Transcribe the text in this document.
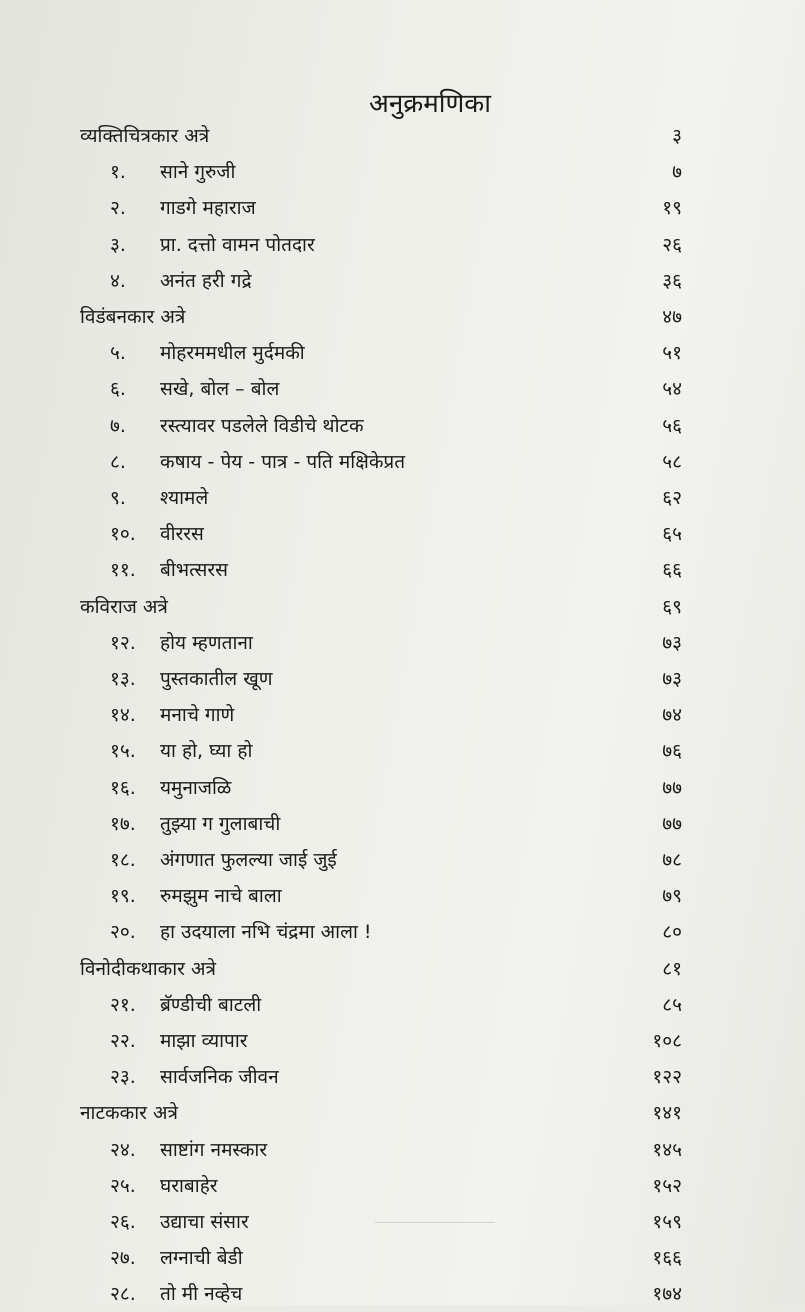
अनुक्रमणिका
व्यक्तिचित्रकार अत्रे	३
१. साने गुरुजी	७
२. गाडगे महाराज	१९
३. प्रा. दत्तो वामन पोतदार	२६
४. अनंत हरी गद्रे	३६
विडंबनकार अत्रे	४७
५. मोहरममधील मुर्दमकी	५१
६. सखे, बोल – बोल	५४
७. रस्त्यावर पडलेले विडीचे थोटक	५६
८. कषाय - पेय - पात्र - पति मक्षिकेप्रत	५८
९. श्यामले	६२
१०. वीररस	६५
११. बीभत्सरस	६६
कविराज अत्रे	६९
१२. होय म्हणताना	७३
१३. पुस्तकातील खूण	७३
१४. मनाचे गाणे	७४
१५. या हो, घ्या हो	७६
१६. यमुनाजळि	७७
१७. तुझ्या ग गुलाबाची	७७
१८. अंगणात फुलल्या जाई जुई	७८
१९. रुमझुम नाचे बाला	७९
२०. हा उदयाला नभि चंद्रमा आला !	८०
विनोदीकथाकार अत्रे	८१
२१. ब्रॅण्डीची बाटली	८५
२२. माझा व्यापार	१०८
२३. सार्वजनिक जीवन	१२२
नाटककार अत्रे	१४१
२४. साष्टांग नमस्कार	१४५
२५. घराबाहेर	१५२
२६. उद्याचा संसार	१५९
२७. लग्नाची बेडी	१६६
२८. तो मी नव्हेच	१७४
